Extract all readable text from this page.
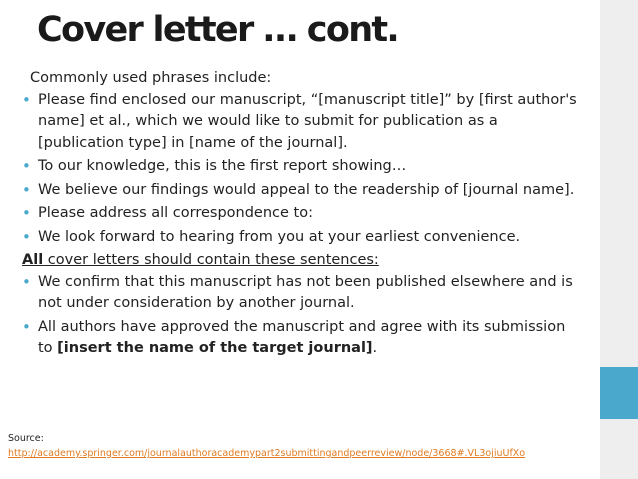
Cover letter … cont.

Commonly used phrases include:

• Please find enclosed our manuscript, “[manuscript title]” by [first author's name] et al., which we would like to submit for publication as a [publication type] in [name of the journal].
• To our knowledge, this is the first report showing…
• We believe our findings would appeal to the readership of [journal name].
• Please address all correspondence to:
• We look forward to hearing from you at your earliest convenience.

All cover letters should contain these sentences:

• We confirm that this manuscript has not been published elsewhere and is not under consideration by another journal.
• All authors have approved the manuscript and agree with its submission to [insert the name of the target journal].
Source:
http://academy.springer.com/journalauthoracademypart2submittingandpeerreview/node/3668#.VL3ojiuUfXo
